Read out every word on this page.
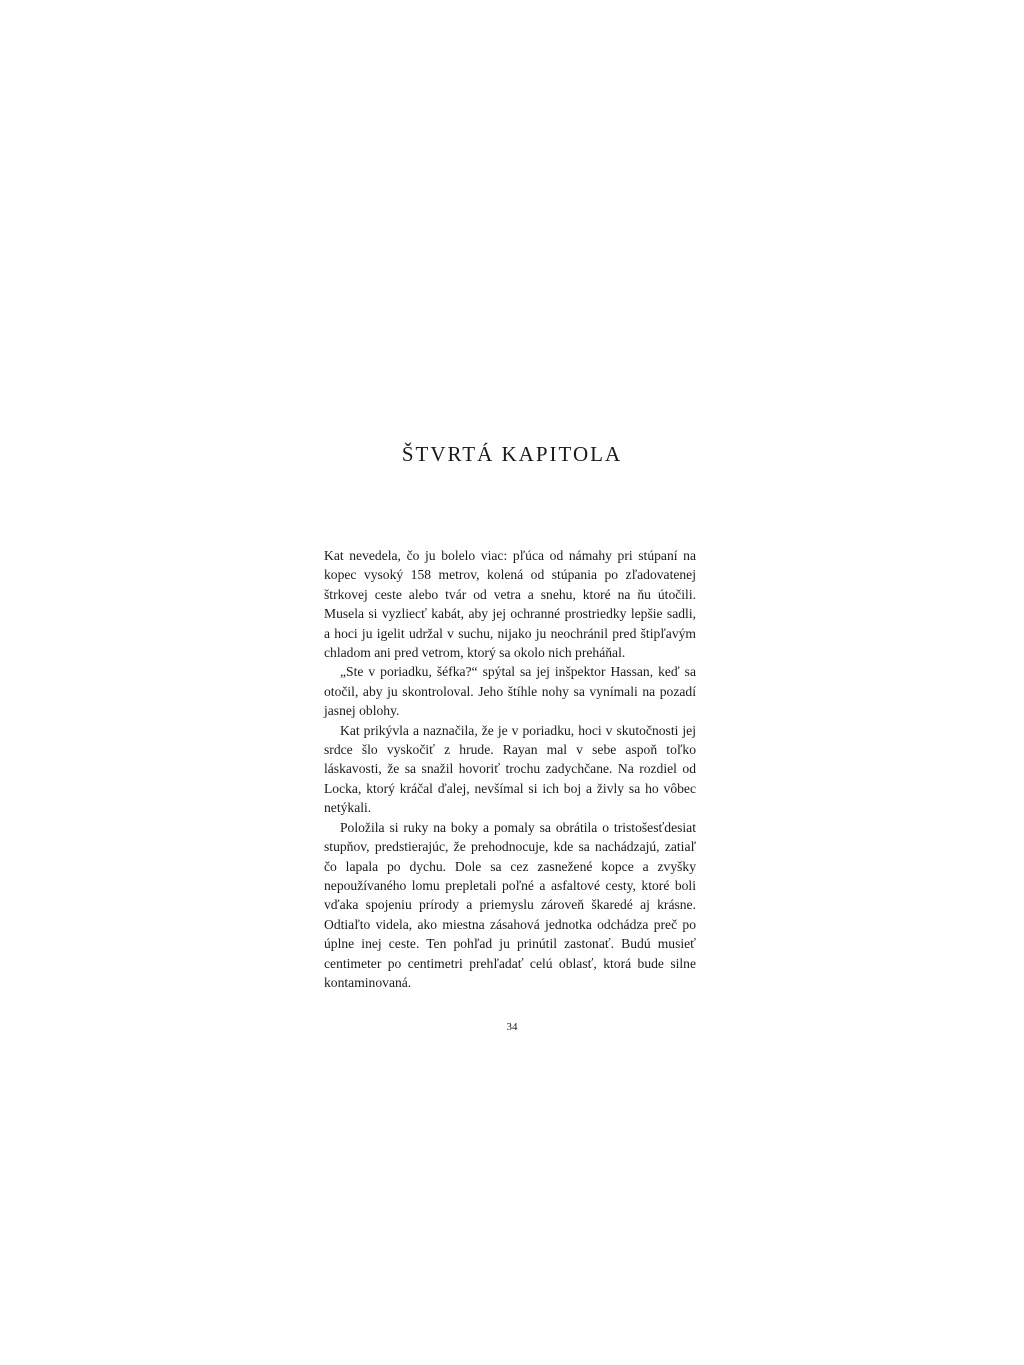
ŠTVRTÁ KAPITOLA

Kat nevedela, čo ju bolelo viac: pľúca od námahy pri stúpaní na kopec vysoký 158 metrov, kolená od stúpania po zľadovatenej štrkovej ceste alebo tvár od vetra a snehu, ktoré na ňu útočili. Musela si vyzliecť kabát, aby jej ochranné prostriedky lepšie sadli, a hoci ju igelit udržal v suchu, nijako ju neochránil pred štipľavým chladom ani pred vetrom, ktorý sa okolo nich preháňal.

„Ste v poriadku, šéfka?“ spýtal sa jej inšpektor Hassan, keď sa otočil, aby ju skontroloval. Jeho štíhle nohy sa vynímali na pozadí jasnej oblohy.

Kat prikývla a naznačila, že je v poriadku, hoci v skutočnosti jej srdce šlo vyskočiť z hrude. Rayan mal v sebe aspoň toľko láskavosti, že sa snažil hovoriť trochu zadychčane. Na rozdiel od Locka, ktorý kráčal ďalej, nevšímal si ich boj a živly sa ho vôbec netýkali.

Položila si ruky na boky a pomaly sa obrátila o tristošesťdesiat stupňov, predstierajúc, že prehodnocuje, kde sa nachádzajú, zatiaľ čo lapala po dychu. Dole sa cez zasnežené kopce a zvyšky nepoužívaného lomu prepletali poľné a asfaltové cesty, ktoré boli vďaka spojeniu prírody a priemyslu zároveň škaredé aj krásne. Odtiaľto videla, ako miestna zásahová jednotka odchádza preč po úplne inej ceste. Ten pohľad ju prinútil zastonať. Budú musieť centimeter po centimetri prehľadať celú oblasť, ktorá bude silne kontaminovaná.

34
